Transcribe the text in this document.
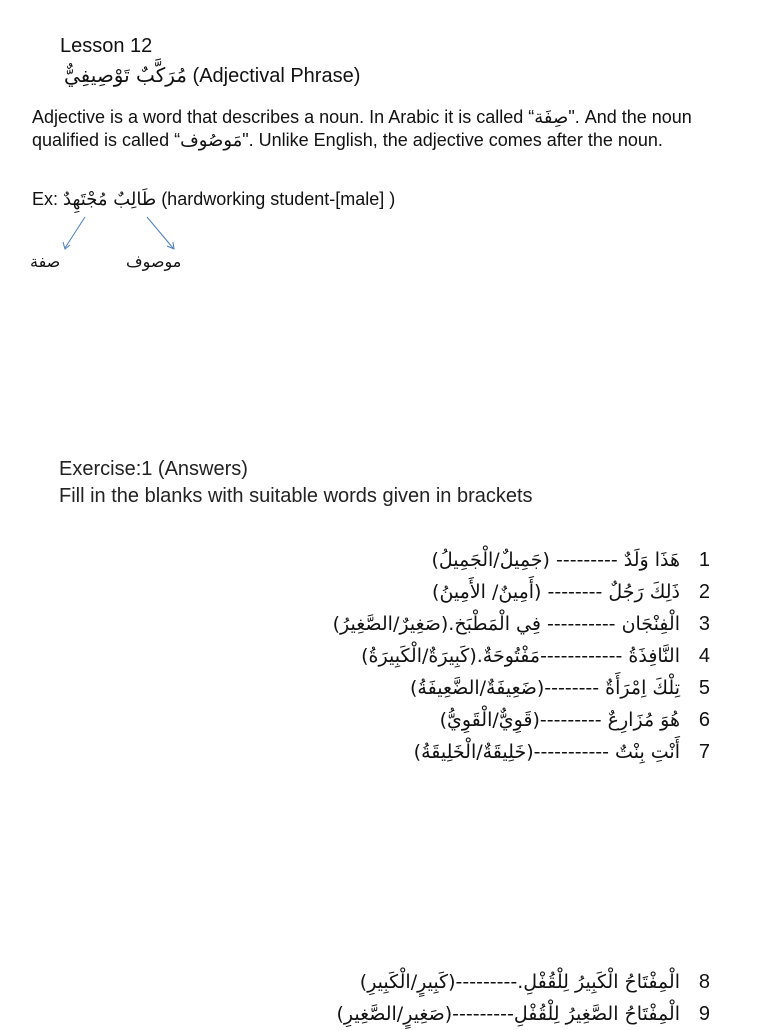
Lesson 12
مُرَكَّبٌ تَوْصِيفِيٌّ (Adjectival Phrase)
Adjective is a word that describes a noun. In Arabic it is called “صِفَة". And the noun qualified is called “مَوصُوف". Unlike English, the adjective comes after the noun.
Ex: طَالِبٌ مُجْتَهِدٌ (hardworking student-[male] )
صفة	موصوف
Exercise:1 (Answers)
Fill in the blanks with suitable words given in brackets
هَذَا وَلَدٌ --------- (جَمِيلٌ/الْجَمِيلُ) 1
ذَلِكَ رَجُلٌ -------- (أَمِينٌ/ الأَمِينُ) 2
الْفِنْجَان ---------- فِي الْمَطْبَخ.(صَغِيرٌ/الصَّغِيرُ) 3
النَّافِذَةُ ------------مَفْتُوحَةٌ.(كَبِيرَةٌ/الْكَبِيرَةُ) 4
تِلْكَ اِمْرَأَةٌ --------(ضَعِيفَةٌ/الضَّعِيفَةُ) 5
هُوَ مُزَارِعٌ ---------(قَوِيٌّ/الْقَوِيُّ) 6
أَنْتِ بِنْتٌ -----------(خَلِيقَةٌ/الْخَلِيقَةُ) 7
الْمِفْتَاحُ الْكَبِيرُ لِلْقُفْلِ.---------(كَبِيرٍ/الْكَبِيرِ) 8
الْمِفْتَاحُ الصَّغِيرُ لِلْقُفْلِ---------(صَغِيرٍ/الصَّغِيرِ) 9
